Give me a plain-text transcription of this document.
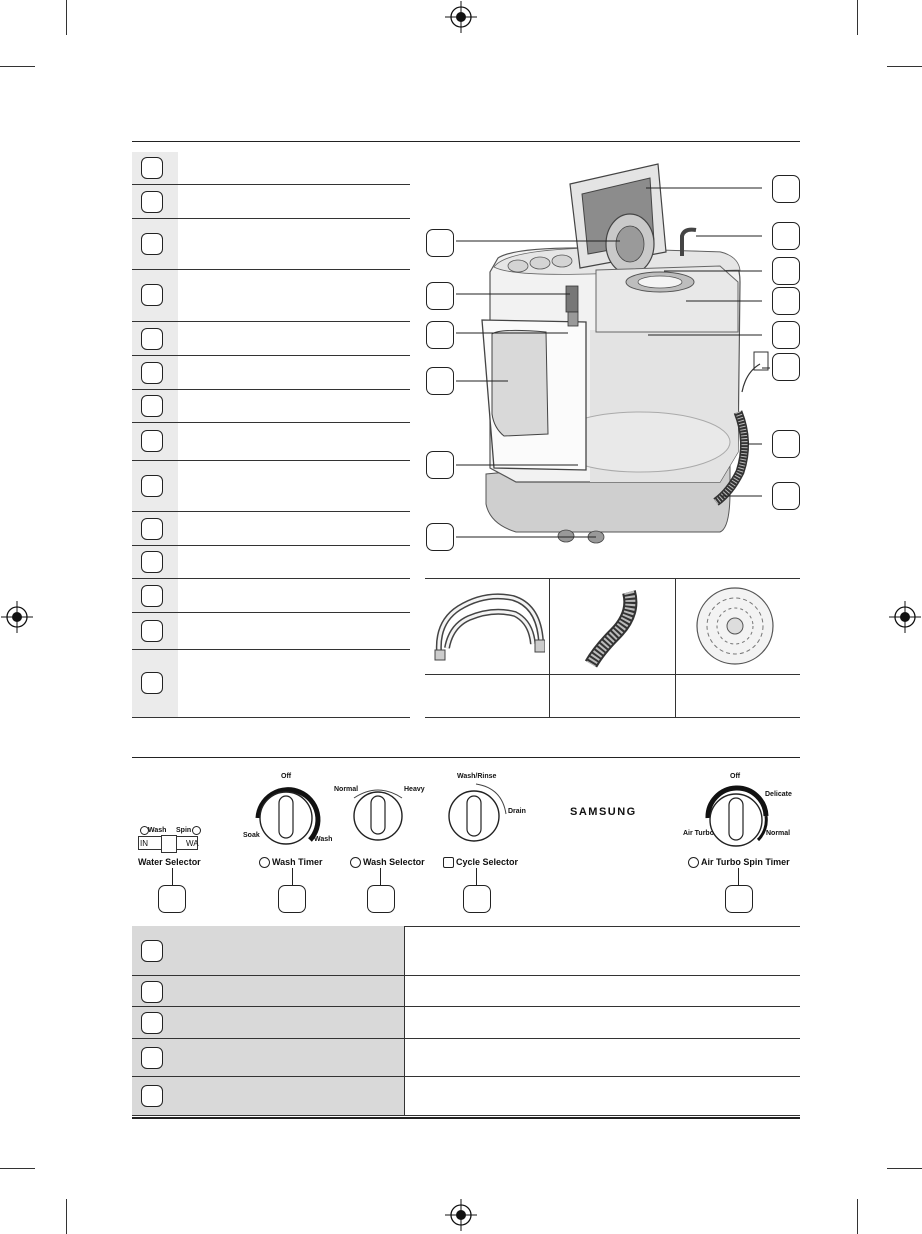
Wash Spin
IN	WA
Water Selector
Off
Soak
Wash
Wash Timer
Normal	Heavy
Wash Selector
Wash/Rinse
Drain
Cycle Selector
SAMSUNG
Off
Delicate
Air Turbo	Normal
Air Turbo Spin Timer
